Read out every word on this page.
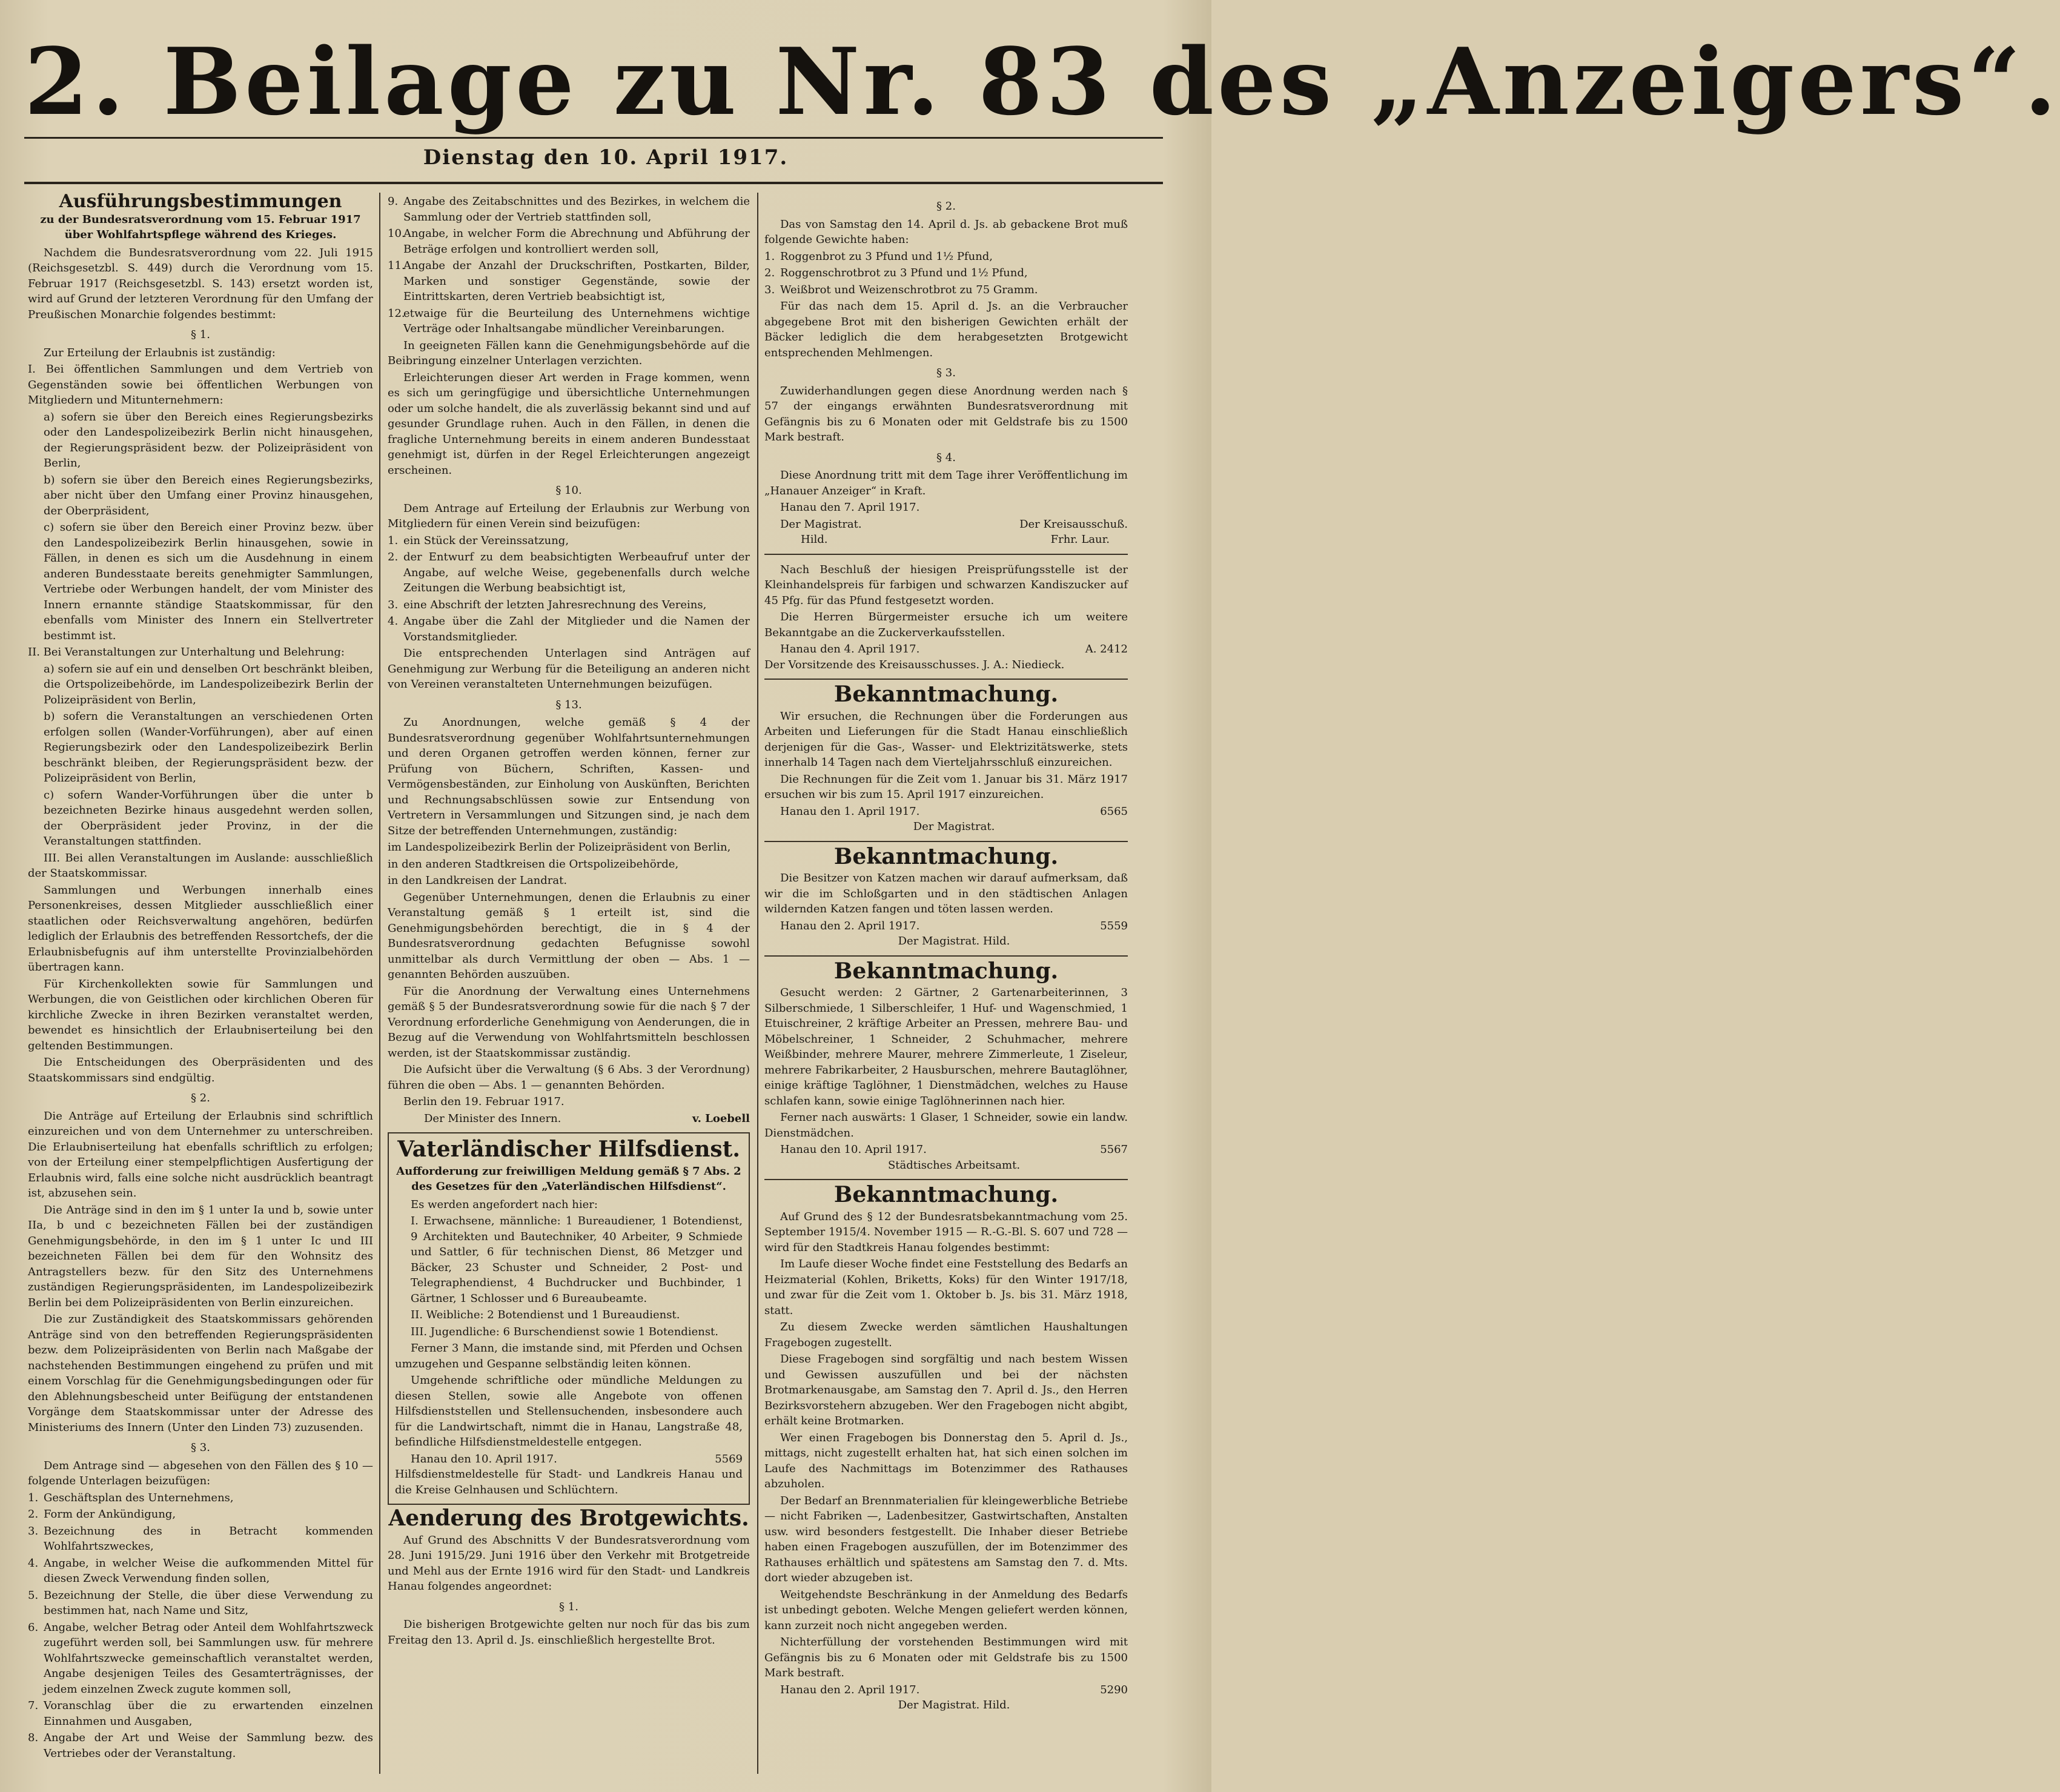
2. Beilage zu Nr. 83 des „Anzeigers“.
Dienstag den 10. April 1917.
Ausführungsbestimmungen
zu der Bundesratsverordnung vom 15. Februar 1917 über Wohlfahrtspflege während des Krieges.

Nachdem die Bundesratsverordnung vom 22. Juli 1915 (Reichsgesetzbl. S. 449) durch die Verordnung vom 15. Februar 1917 (Reichsgesetzbl. S. 143) ersetzt worden ist, wird auf Grund der letzteren Verordnung für den Umfang der Preußischen Monarchie folgendes bestimmt:

§ 1.

Zur Erteilung der Erlaubnis ist zuständig:

I. Bei öffentlichen Sammlungen und dem Vertrieb von Gegenständen sowie bei öffentlichen Werbungen von Mitgliedern und Mitunternehmern:

a) sofern sie über den Bereich eines Regierungsbezirks oder den Landespolizeibezirk Berlin nicht hinausgehen, der Regierungspräsident bezw. der Polizeipräsident von Berlin,

b) sofern sie über den Bereich eines Regierungsbezirks, aber nicht über den Umfang einer Provinz hinausgehen, der Oberpräsident,

c) sofern sie über den Bereich einer Provinz bezw. über den Landespolizeibezirk Berlin hinausgehen, sowie in Fällen, in denen es sich um die Ausdehnung in einem anderen Bundesstaate bereits genehmigter Sammlungen, Vertriebe oder Werbungen handelt, der vom Minister des Innern ernannte ständige Staatskommissar, für den ebenfalls vom Minister des Innern ein Stellvertreter bestimmt ist.

II. Bei Veranstaltungen zur Unterhaltung und Belehrung:

a) sofern sie auf ein und denselben Ort beschränkt bleiben, die Ortspolizeibehörde, im Landespolizeibezirk Berlin der Polizeipräsident von Berlin,

b) sofern die Veranstaltungen an verschiedenen Orten erfolgen sollen (Wander-Vorführungen), aber auf einen Regierungsbezirk oder den Landespolizeibezirk Berlin beschränkt bleiben, der Regierungspräsident bezw. der Polizeipräsident von Berlin,

c) sofern Wander-Vorführungen über die unter b bezeichneten Bezirke hinaus ausgedehnt werden sollen, der Oberpräsident jeder Provinz, in der die Veranstaltungen stattfinden.

III. Bei allen Veranstaltungen im Auslande: ausschließlich der Staatskommissar.

Sammlungen und Werbungen innerhalb eines Personenkreises, dessen Mitglieder ausschließlich einer staatlichen oder Reichsverwaltung angehören, bedürfen lediglich der Erlaubnis des betreffenden Ressortchefs, der die Erlaubnisbefugnis auf ihm unterstellte Provinzialbehörden übertragen kann.

Für Kirchenkollekten sowie für Sammlungen und Werbungen, die von Geistlichen oder kirchlichen Oberen für kirchliche Zwecke in ihren Bezirken veranstaltet werden, bewendet es hinsichtlich der Erlaubniserteilung bei den geltenden Bestimmungen.

Die Entscheidungen des Oberpräsidenten und des Staatskommissars sind endgültig.

§ 2.

Die Anträge auf Erteilung der Erlaubnis sind schriftlich einzureichen und von dem Unternehmer zu unterschreiben. Die Erlaubniserteilung hat ebenfalls schriftlich zu erfolgen; von der Erteilung einer stempelpflichtigen Ausfertigung der Erlaubnis wird, falls eine solche nicht ausdrücklich beantragt ist, abzusehen sein.

Die Anträge sind in den im § 1 unter Ia und b, sowie unter IIa, b und c bezeichneten Fällen bei der zuständigen Genehmigungsbehörde, in den im § 1 unter Ic und III bezeichneten Fällen bei dem für den Wohnsitz des Antragstellers bezw. für den Sitz des Unternehmens zuständigen Regierungspräsidenten, im Landespolizeibezirk Berlin bei dem Polizeipräsidenten von Berlin einzureichen.

Die zur Zuständigkeit des Staatskommissars gehörenden Anträge sind von den betreffenden Regierungspräsidenten bezw. dem Polizeipräsidenten von Berlin nach Maßgabe der nachstehenden Bestimmungen eingehend zu prüfen und mit einem Vorschlag für die Genehmigungsbedingungen oder für den Ablehnungsbescheid unter Beifügung der entstandenen Vorgänge dem Staatskommissar unter der Adresse des Ministeriums des Innern (Unter den Linden 73) zuzusenden.

§ 3.

Dem Antrage sind — abgesehen von den Fällen des § 10 — folgende Unterlagen beizufügen:

1. Geschäftsplan des Unternehmens,

2. Form der Ankündigung,

3. Bezeichnung des in Betracht kommenden Wohlfahrtszweckes,

4. Angabe, in welcher Weise die aufkommenden Mittel für diesen Zweck Verwendung finden sollen,

5. Bezeichnung der Stelle, die über diese Verwendung zu bestimmen hat, nach Name und Sitz,

6. Angabe, welcher Betrag oder Anteil dem Wohlfahrtszweck zugeführt werden soll, bei Sammlungen usw. für mehrere Wohlfahrtszwecke gemeinschaftlich veranstaltet werden, Angabe desjenigen Teiles des Gesamterträgnisses, der jedem einzelnen Zweck zugute kommen soll,

7. Voranschlag über die zu erwartenden einzelnen Einnahmen und Ausgaben,

8. Angabe der Art und Weise der Sammlung bezw. des Vertriebes oder der Veranstaltung.

9. Angabe des Zeitabschnittes und des Bezirkes, in welchem die Sammlung oder der Vertrieb stattfinden soll,

10.
Angabe, in welcher Form die Abrechnung und Abführung der Beträge erfolgen und kontrolliert werden soll,

11.
Angabe der Anzahl der Druckschriften, Postkarten, Bilder, Marken und sonstiger Gegenstände, sowie der Eintrittskarten, deren Vertrieb beabsichtigt ist,

12.
etwaige für die Beurteilung des Unternehmens wichtige Verträge oder Inhaltsangabe mündlicher Vereinbarungen.

In geeigneten Fällen kann die Genehmigungsbehörde auf die Beibringung einzelner Unterlagen verzichten.

Erleichterungen dieser Art werden in Frage kommen, wenn es sich um geringfügige und übersichtliche Unternehmungen oder um solche handelt, die als zuverlässig bekannt sind und auf gesunder Grundlage ruhen. Auch in den Fällen, in denen die fragliche Unternehmung bereits in einem anderen Bundesstaat genehmigt ist, dürfen in der Regel Erleichterungen angezeigt erscheinen.

§ 10.

Dem Antrage auf Erteilung der Erlaubnis zur Werbung von Mitgliedern für einen Verein sind beizufügen:

1. ein Stück der Vereinssatzung,

2. der Entwurf zu dem beabsichtigten Werbeaufruf unter der Angabe, auf welche Weise, gegebenenfalls durch welche Zeitungen die Werbung beabsichtigt ist,

3. eine Abschrift der letzten Jahresrechnung des Vereins,

4. Angabe über die Zahl der Mitglieder und die Namen der Vorstandsmitglieder.

Die entsprechenden Unterlagen sind Anträgen auf Genehmigung zur Werbung für die Beteiligung an anderen nicht von Vereinen veranstalteten Unternehmungen beizufügen.

§ 13.

Zu Anordnungen, welche gemäß § 4 der Bundesratsverordnung gegenüber Wohlfahrtsunternehmungen und deren Organen getroffen werden können, ferner zur Prüfung von Büchern, Schriften, Kassen- und Vermögensbeständen, zur Einholung von Auskünften, Berichten und Rechnungsabschlüssen sowie zur Entsendung von Vertretern in Versammlungen und Sitzungen sind, je nach dem Sitze der betreffenden Unternehmungen, zuständig:

im Landespolizeibezirk Berlin der Polizeipräsident von Berlin,

in den anderen Stadtkreisen die Ortspolizeibehörde,

in den Landkreisen der Landrat.

Gegenüber Unternehmungen, denen die Erlaubnis zu einer Veranstaltung gemäß § 1 erteilt ist, sind die Genehmigungsbehörden berechtigt, die in § 4 der Bundesratsverordnung gedachten Befugnisse sowohl unmittelbar als durch Vermittlung der oben — Abs. 1 — genannten Behörden auszuüben.

Für die Anordnung der Verwaltung eines Unternehmens gemäß § 5 der Bundesratsverordnung sowie für die nach § 7 der Verordnung erforderliche Genehmigung von Aenderungen, die in Bezug auf die Verwendung von Wohlfahrtsmitteln beschlossen werden, ist der Staatskommissar zuständig.

Die Aufsicht über die Verwaltung (§ 6 Abs. 3 der Verordnung) führen die oben — Abs. 1 — genannten Behörden.

Berlin den 19. Februar 1917.

Der Minister des Innern.	v. Loebell
Vaterländischer Hilfsdienst.
Aufforderung zur freiwilligen Meldung gemäß § 7 Abs. 2 des Gesetzes für den „Vaterländischen Hilfsdienst“.

Es werden angefordert nach hier:

I. Erwachsene, männliche: 1 Bureaudiener, 1 Botendienst, 9 Architekten und Bautechniker, 40 Arbeiter, 9 Schmiede und Sattler, 6 für technischen Dienst, 86 Metzger und Bäcker, 23 Schuster und Schneider, 2 Post- und Telegraphendienst, 4 Buchdrucker und Buchbinder, 1 Gärtner, 1 Schlosser und 6 Bureaubeamte.

II. Weibliche: 2 Botendienst und 1 Bureaudienst.

III. Jugendliche: 6 Burschendienst sowie 1 Botendienst.

Ferner 3 Mann, die imstande sind, mit Pferden und Ochsen umzugehen und Gespanne selbständig leiten können.

Umgehende schriftliche oder mündliche Meldungen zu diesen Stellen, sowie alle Angebote von offenen Hilfsdienststellen und Stellensuchenden, insbesondere auch für die Landwirtschaft, nimmt die in Hanau, Langstraße 48, befindliche Hilfsdienstmeldestelle entgegen.

Hanau den 10. April 1917.	5569

Hilfsdienstmeldestelle für Stadt- und Landkreis Hanau und die Kreise Gelnhausen und Schlüchtern.

Aenderung des Brotgewichts.

Auf Grund des Abschnitts V der Bundesratsverordnung vom 28. Juni 1915/29. Juni 1916 über den Verkehr mit Brotgetreide und Mehl aus der Ernte 1916 wird für den Stadt- und Landkreis Hanau folgendes angeordnet:

§ 1.

Die bisherigen Brotgewichte gelten nur noch für das bis zum Freitag den 13. April d. Js. einschließlich hergestellte Brot.

§ 2.

Das von Samstag den 14. April d. Js. ab gebackene Brot muß folgende Gewichte haben:

1. Roggenbrot zu 3 Pfund und 1½ Pfund,

2. Roggenschrotbrot zu 3 Pfund und 1½ Pfund,

3. Weißbrot und Weizenschrotbrot zu 75 Gramm.

Für das nach dem 15. April d. Js. an die Verbraucher abgegebene Brot mit den bisherigen Gewichten erhält der Bäcker lediglich die dem herabgesetzten Brotgewicht entsprechenden Mehlmengen.

§ 3.

Zuwiderhandlungen gegen diese Anordnung werden nach § 57 der eingangs erwähnten Bundesratsverordnung mit Gefängnis bis zu 6 Monaten oder mit Geldstrafe bis zu 1500 Mark bestraft.

§ 4.

Diese Anordnung tritt mit dem Tage ihrer Veröffentlichung im „Hanauer Anzeiger“ in Kraft.

Hanau den 7. April 1917.

Der Magistrat.	Der Kreisausschuß.
Hild.	Frhr. Laur.

Nach Beschluß der hiesigen Preisprüfungsstelle ist der Kleinhandelspreis für farbigen und schwarzen Kandiszucker auf 45 Pfg. für das Pfund festgesetzt worden.

Die Herren Bürgermeister ersuche ich um weitere Bekanntgabe an die Zuckerverkaufsstellen.

Hanau den 4. April 1917.	A. 2412

Der Vorsitzende des Kreisausschusses. J. A.: Niedieck.

Bekanntmachung.

Wir ersuchen, die Rechnungen über die Forderungen aus Arbeiten und Lieferungen für die Stadt Hanau einschließlich derjenigen für die Gas-, Wasser- und Elektrizitätswerke, stets innerhalb 14 Tagen nach dem Vierteljahrsschluß einzureichen.

Die Rechnungen für die Zeit vom 1. Januar bis 31. März 1917 ersuchen wir bis zum 15. April 1917 einzureichen.

Hanau den 1. April 1917.	6565

Der Magistrat.

Bekanntmachung.

Die Besitzer von Katzen machen wir darauf aufmerksam, daß wir die im Schloßgarten und in den städtischen Anlagen wildernden Katzen fangen und töten lassen werden.

Hanau den 2. April 1917.	5559

Der Magistrat. Hild.

Bekanntmachung.

Gesucht werden: 2 Gärtner, 2 Gartenarbeiterinnen, 3 Silberschmiede, 1 Silberschleifer, 1 Huf- und Wagenschmied, 1 Etuischreiner, 2 kräftige Arbeiter an Pressen, mehrere Bau- und Möbelschreiner, 1 Schneider, 2 Schuhmacher, mehrere Weißbinder, mehrere Maurer, mehrere Zimmerleute, 1 Ziseleur, mehrere Fabrikarbeiter, 2 Hausburschen, mehrere Bautaglöhner, einige kräftige Taglöhner, 1 Dienstmädchen, welches zu Hause schlafen kann, sowie einige Taglöhnerinnen nach hier.

Ferner nach auswärts: 1 Glaser, 1 Schneider, sowie ein landw. Dienstmädchen.

Hanau den 10. April 1917.	5567

Städtisches Arbeitsamt.

Bekanntmachung.

Auf Grund des § 12 der Bundesratsbekanntmachung vom 25. September 1915/4. November 1915 — R.-G.-Bl. S. 607 und 728 — wird für den Stadtkreis Hanau folgendes bestimmt:

Im Laufe dieser Woche findet eine Feststellung des Bedarfs an Heizmaterial (Kohlen, Briketts, Koks) für den Winter 1917/18, und zwar für die Zeit vom 1. Oktober b. Js. bis 31. März 1918, statt.

Zu diesem Zwecke werden sämtlichen Haushaltungen Fragebogen zugestellt.

Diese Fragebogen sind sorgfältig und nach bestem Wissen und Gewissen auszufüllen und bei der nächsten Brotmarkenausgabe, am Samstag den 7. April d. Js., den Herren Bezirksvorstehern abzugeben. Wer den Fragebogen nicht abgibt, erhält keine Brotmarken.

Wer einen Fragebogen bis Donnerstag den 5. April d. Js., mittags, nicht zugestellt erhalten hat, hat sich einen solchen im Laufe des Nachmittags im Botenzimmer des Rathauses abzuholen.

Der Bedarf an Brennmaterialien für kleingewerbliche Betriebe — nicht Fabriken —, Ladenbesitzer, Gastwirtschaften, Anstalten usw. wird besonders festgestellt. Die Inhaber dieser Betriebe haben einen Fragebogen auszufüllen, der im Botenzimmer des Rathauses erhältlich und spätestens am Samstag den 7. d. Mts. dort wieder abzugeben ist.

Weitgehendste Beschränkung in der Anmeldung des Bedarfs ist unbedingt geboten. Welche Mengen geliefert werden können, kann zurzeit noch nicht angegeben werden.

Nichterfüllung der vorstehenden Bestimmungen wird mit Gefängnis bis zu 6 Monaten oder mit Geldstrafe bis zu 1500 Mark bestraft.

Hanau den 2. April 1917.	5290

Der Magistrat. Hild.
